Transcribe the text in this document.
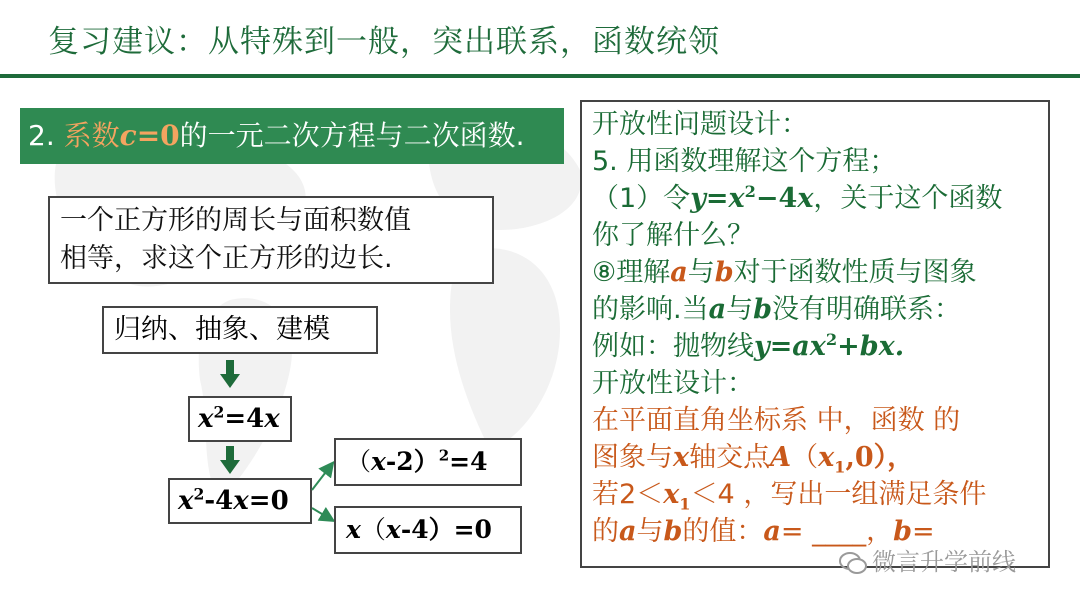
复习建议：从特殊到一般，突出联系，函数统领
2. 系数c=0的一元二次方程与二次函数.
一个正方形的周长与面积数值
相等，求这个正方形的边长.
归纳、抽象、建模
$x^2=4x$
$x^2-4x=0$
$(x-2)^2=4$
x（x-4）=0
开放性问题设计：
5. 用函数理解这个方程；
（1）令$y=x^2-4x$，关于这个函数
你了解什么？
⑧理解a与b对于函数性质与图象
的影响.当a与b没有明确联系：
例如：抛物线$y=ax^2+bx$.
开放性设计：
在平面直角坐标系 中，函数 的
图象与x轴交点$A(x_1,0)$，
若$2<x_1<4$ ，写出一组满足条件
的a与b的值：a= ____，b=
微言升学前线
